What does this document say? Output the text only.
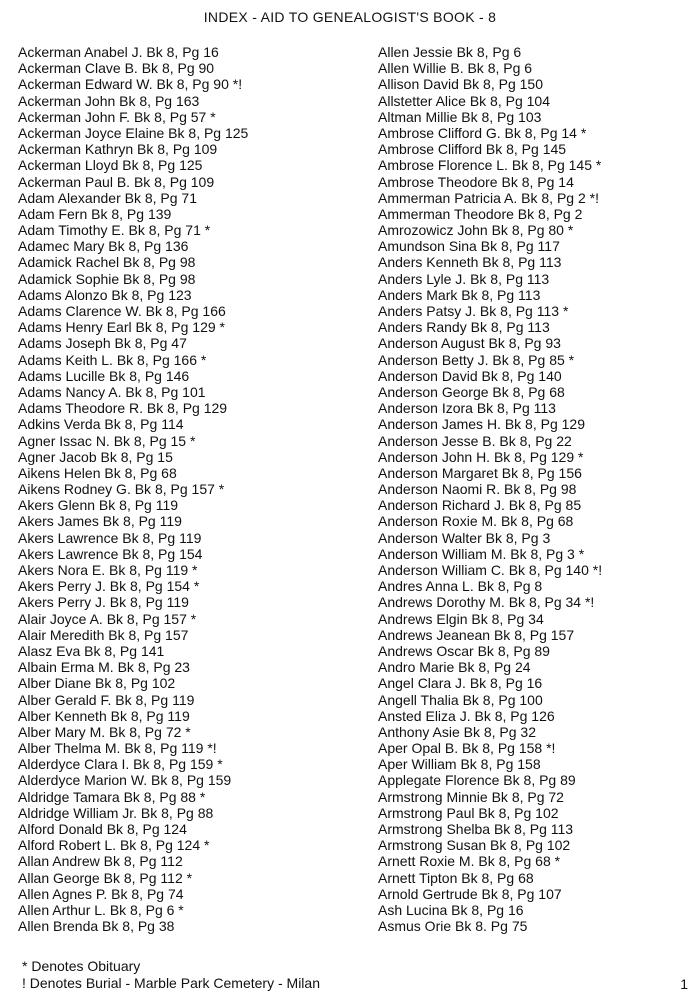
INDEX - AID TO GENEALOGIST'S BOOK - 8
Ackerman Anabel J. Bk 8, Pg 16
Ackerman Clave B. Bk 8, Pg 90
Ackerman Edward W. Bk 8, Pg 90 *!
Ackerman John Bk 8, Pg 163
Ackerman John F. Bk 8, Pg 57 *
Ackerman Joyce Elaine Bk 8, Pg 125
Ackerman Kathryn Bk 8, Pg 109
Ackerman Lloyd Bk 8, Pg 125
Ackerman Paul B. Bk 8, Pg 109
Adam Alexander Bk 8, Pg 71
Adam Fern Bk 8, Pg 139
Adam Timothy E. Bk 8, Pg 71 *
Adamec Mary Bk 8, Pg 136
Adamick Rachel Bk 8, Pg 98
Adamick Sophie Bk 8, Pg 98
Adams Alonzo Bk 8, Pg 123
Adams Clarence W. Bk 8, Pg 166
Adams Henry Earl Bk 8, Pg 129 *
Adams Joseph Bk 8, Pg 47
Adams Keith L. Bk 8, Pg 166 *
Adams Lucille Bk 8, Pg 146
Adams Nancy A. Bk 8, Pg 101
Adams Theodore R. Bk 8, Pg 129
Adkins Verda Bk 8, Pg 114
Agner Issac N. Bk 8, Pg 15 *
Agner Jacob Bk 8, Pg 15
Aikens Helen Bk 8, Pg 68
Aikens Rodney G. Bk 8, Pg 157 *
Akers Glenn Bk 8, Pg 119
Akers James Bk 8, Pg 119
Akers Lawrence Bk 8, Pg 119
Akers Lawrence Bk 8, Pg 154
Akers Nora E. Bk 8, Pg 119 *
Akers Perry J. Bk 8, Pg 154 *
Akers Perry J. Bk 8, Pg 119
Alair Joyce A. Bk 8, Pg 157 *
Alair Meredith Bk 8, Pg 157
Alasz Eva Bk 8, Pg 141
Albain Erma M. Bk 8, Pg 23
Alber Diane Bk 8, Pg 102
Alber Gerald F. Bk 8, Pg 119
Alber Kenneth Bk 8, Pg 119
Alber Mary M. Bk 8, Pg 72 *
Alber Thelma M. Bk 8, Pg 119 *!
Alderdyce Clara I. Bk 8, Pg 159 *
Alderdyce Marion W. Bk 8, Pg 159
Aldridge Tamara Bk 8, Pg 88 *
Aldridge William Jr. Bk 8, Pg 88
Alford Donald Bk 8, Pg 124
Alford Robert L. Bk 8, Pg 124 *
Allan Andrew Bk 8, Pg 112
Allan George Bk 8, Pg 112 *
Allen Agnes P. Bk 8, Pg 74
Allen Arthur L. Bk 8, Pg 6 *
Allen Brenda Bk 8, Pg 38
Allen Jessie Bk 8, Pg 6
Allen Willie B. Bk 8, Pg 6
Allison David Bk 8, Pg 150
Allstetter Alice Bk 8, Pg 104
Altman Millie Bk 8, Pg 103
Ambrose Clifford G. Bk 8, Pg 14 *
Ambrose Clifford Bk 8, Pg 145
Ambrose Florence L. Bk 8, Pg 145 *
Ambrose Theodore Bk 8, Pg 14
Ammerman Patricia A. Bk 8, Pg 2 *!
Ammerman Theodore Bk 8, Pg 2
Amrozowicz John Bk 8, Pg 80 *
Amundson Sina Bk 8, Pg 117
Anders Kenneth Bk 8, Pg 113
Anders Lyle J. Bk 8, Pg 113
Anders Mark Bk 8, Pg 113
Anders Patsy J. Bk 8, Pg 113 *
Anders Randy Bk 8, Pg 113
Anderson August Bk 8, Pg 93
Anderson Betty J. Bk 8, Pg 85 *
Anderson David Bk 8, Pg 140
Anderson George Bk 8, Pg 68
Anderson Izora Bk 8, Pg 113
Anderson James H. Bk 8, Pg 129
Anderson Jesse B. Bk 8, Pg 22
Anderson John H. Bk 8, Pg 129 *
Anderson Margaret Bk 8, Pg 156
Anderson Naomi R. Bk 8, Pg 98
Anderson Richard J. Bk 8, Pg 85
Anderson Roxie M. Bk 8, Pg 68
Anderson Walter Bk 8, Pg 3
Anderson William M. Bk 8, Pg 3 *
Anderson William C. Bk 8, Pg 140 *!
Andres Anna L. Bk 8, Pg 8
Andrews Dorothy M. Bk 8, Pg 34 *!
Andrews Elgin Bk 8, Pg 34
Andrews Jeanean Bk 8, Pg 157
Andrews Oscar Bk 8, Pg 89
Andro Marie Bk 8, Pg 24
Angel Clara J. Bk 8, Pg 16
Angell Thalia Bk 8, Pg 100
Ansted Eliza J. Bk 8, Pg 126
Anthony Asie Bk 8, Pg 32
Aper Opal B. Bk 8, Pg 158 *!
Aper William Bk 8, Pg 158
Applegate Florence Bk 8, Pg 89
Armstrong Minnie Bk 8, Pg 72
Armstrong Paul Bk 8, Pg 102
Armstrong Shelba Bk 8, Pg 113
Armstrong Susan Bk 8, Pg 102
Arnett Roxie M. Bk 8, Pg 68 *
Arnett Tipton Bk 8, Pg 68
Arnold Gertrude Bk 8, Pg 107
Ash Lucina Bk 8, Pg 16
Asmus Orie Bk 8. Pg 75
* Denotes Obituary
! Denotes Burial - Marble Park Cemetery - Milan	1
